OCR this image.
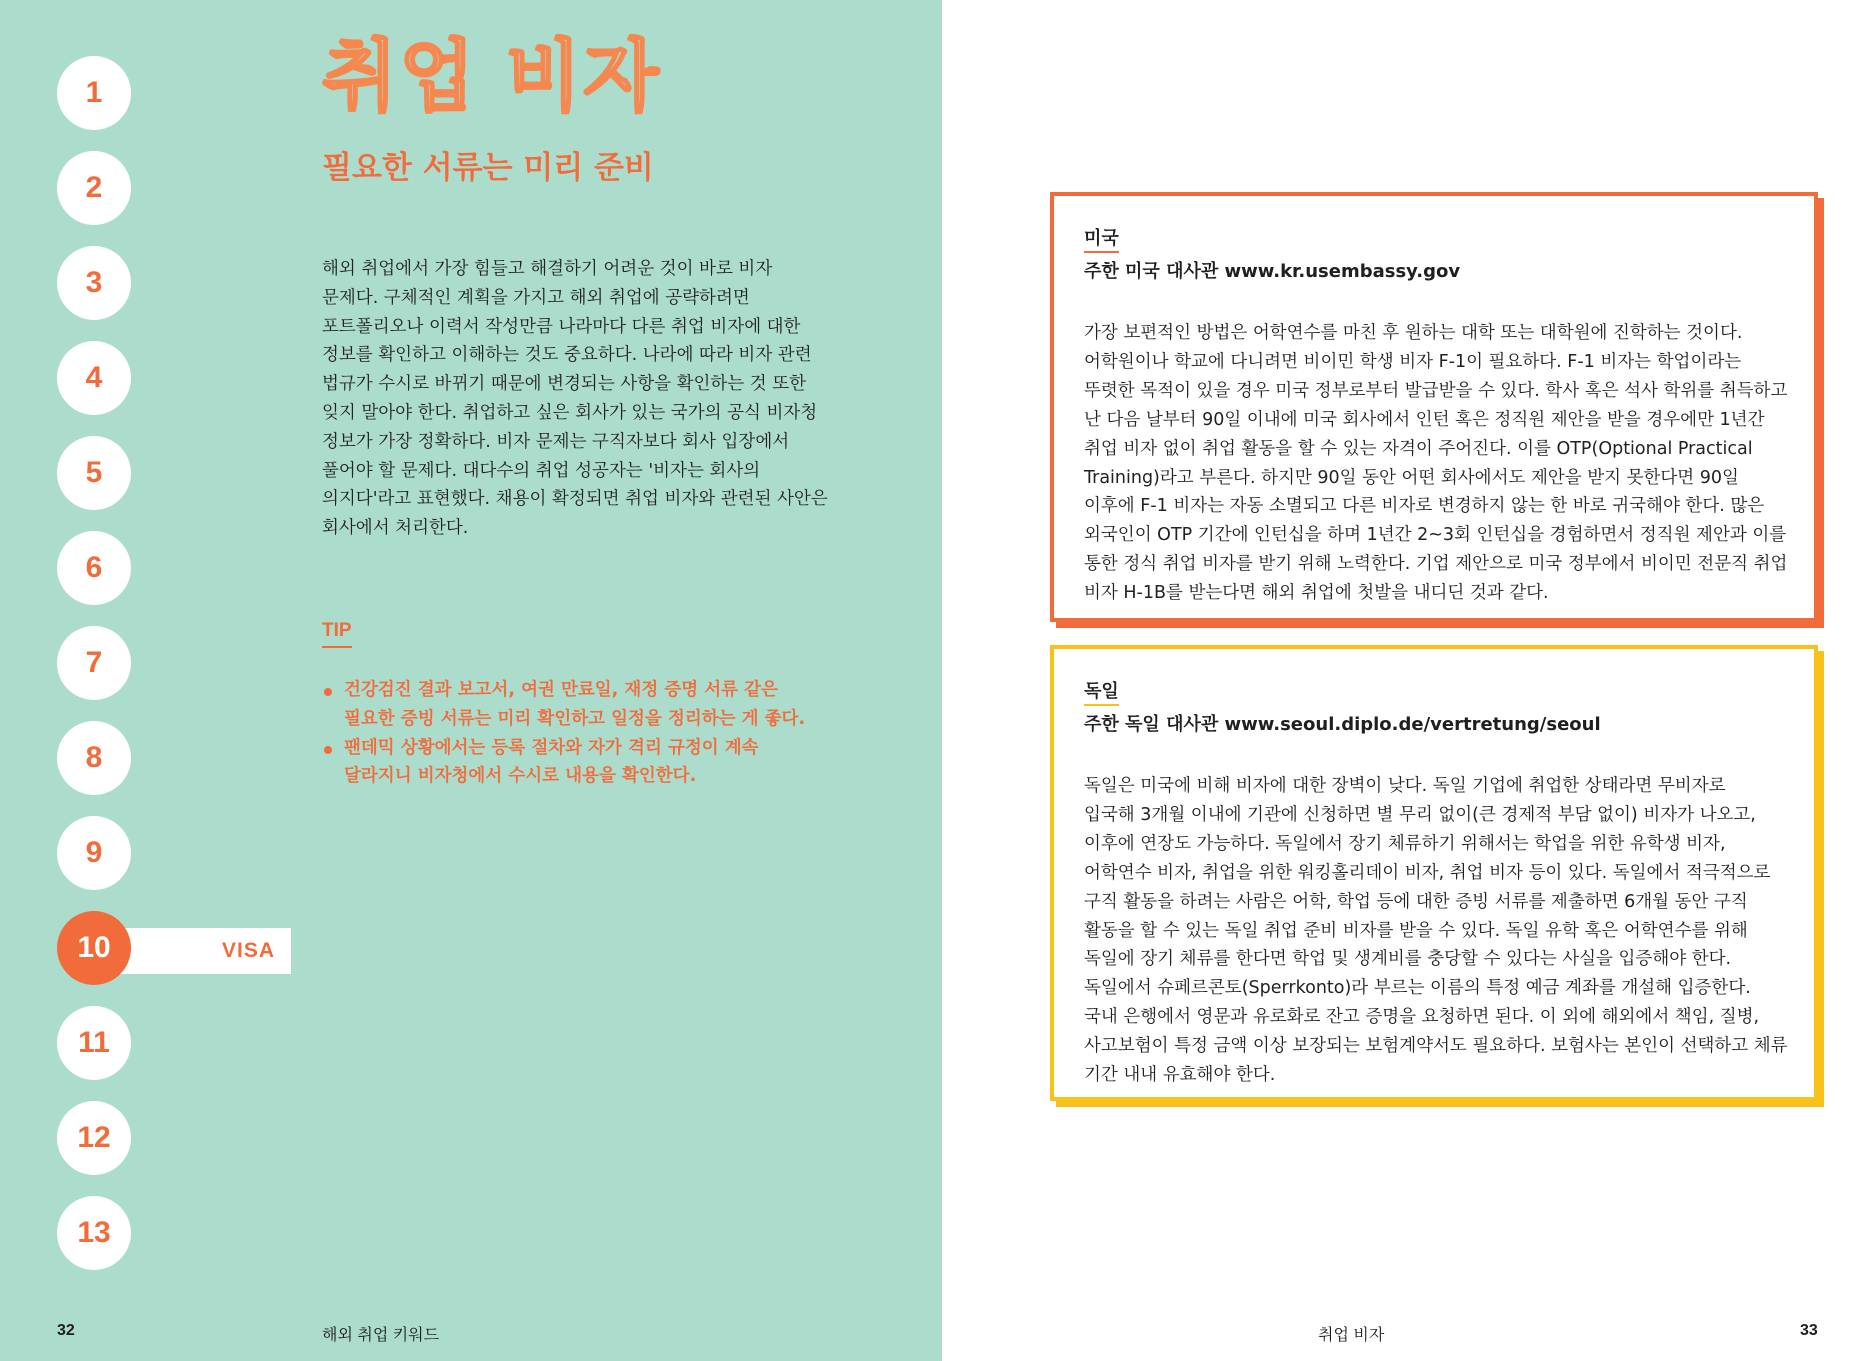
VISA
1
2
3
4
5
6
7
8
9
10
11
12
13
취업 비자
필요한 서류는 미리 준비
해외 취업에서 가장 힘들고 해결하기 어려운 것이 바로 비자
문제다. 구체적인 계획을 가지고 해외 취업에 공략하려면
포트폴리오나 이력서 작성만큼 나라마다 다른 취업 비자에 대한
정보를 확인하고 이해하는 것도 중요하다. 나라에 따라 비자 관련
법규가 수시로 바뀌기 때문에 변경되는 사항을 확인하는 것 또한
잊지 말아야 한다. 취업하고 싶은 회사가 있는 국가의 공식 비자청
정보가 가장 정확하다. 비자 문제는 구직자보다 회사 입장에서
풀어야 할 문제다. 대다수의 취업 성공자는 '비자는 회사의
의지다'라고 표현했다. 채용이 확정되면 취업 비자와 관련된 사안은
회사에서 처리한다.
TIP
건강검진 결과 보고서, 여권 만료일, 재정 증명 서류 같은
필요한 증빙 서류는 미리 확인하고 일정을 정리하는 게 좋다.
팬데믹 상황에서는 등록 절차와 자가 격리 규정이 계속
달라지니 비자청에서 수시로 내용을 확인한다.
32	해외 취업 키워드
미국
주한 미국 대사관 www.kr.usembassy.gov
가장 보편적인 방법은 어학연수를 마친 후 원하는 대학 또는 대학원에 진학하는 것이다.
어학원이나 학교에 다니려면 비이민 학생 비자 F-1이 필요하다. F-1 비자는 학업이라는
뚜렷한 목적이 있을 경우 미국 정부로부터 발급받을 수 있다. 학사 혹은 석사 학위를 취득하고
난 다음 날부터 90일 이내에 미국 회사에서 인턴 혹은 정직원 제안을 받을 경우에만 1년간
취업 비자 없이 취업 활동을 할 수 있는 자격이 주어진다. 이를 OTP(Optional Practical
Training)라고 부른다. 하지만 90일 동안 어떤 회사에서도 제안을 받지 못한다면 90일
이후에 F-1 비자는 자동 소멸되고 다른 비자로 변경하지 않는 한 바로 귀국해야 한다. 많은
외국인이 OTP 기간에 인턴십을 하며 1년간 2~3회 인턴십을 경험하면서 정직원 제안과 이를
통한 정식 취업 비자를 받기 위해 노력한다. 기업 제안으로 미국 정부에서 비이민 전문직 취업
비자 H-1B를 받는다면 해외 취업에 첫발을 내디딘 것과 같다.
독일
주한 독일 대사관 www.seoul.diplo.de/vertretung/seoul
독일은 미국에 비해 비자에 대한 장벽이 낮다. 독일 기업에 취업한 상태라면 무비자로
입국해 3개월 이내에 기관에 신청하면 별 무리 없이(큰 경제적 부담 없이) 비자가 나오고,
이후에 연장도 가능하다. 독일에서 장기 체류하기 위해서는 학업을 위한 유학생 비자,
어학연수 비자, 취업을 위한 워킹홀리데이 비자, 취업 비자 등이 있다. 독일에서 적극적으로
구직 활동을 하려는 사람은 어학, 학업 등에 대한 증빙 서류를 제출하면 6개월 동안 구직
활동을 할 수 있는 독일 취업 준비 비자를 받을 수 있다. 독일 유학 혹은 어학연수를 위해
독일에 장기 체류를 한다면 학업 및 생계비를 충당할 수 있다는 사실을 입증해야 한다.
독일에서 슈페르콘토(Sperrkonto)라 부르는 이름의 특정 예금 계좌를 개설해 입증한다.
국내 은행에서 영문과 유로화로 잔고 증명을 요청하면 된다. 이 외에 해외에서 책임, 질병,
사고보험이 특정 금액 이상 보장되는 보험계약서도 필요하다. 보험사는 본인이 선택하고 체류
기간 내내 유효해야 한다.
취업 비자	33
